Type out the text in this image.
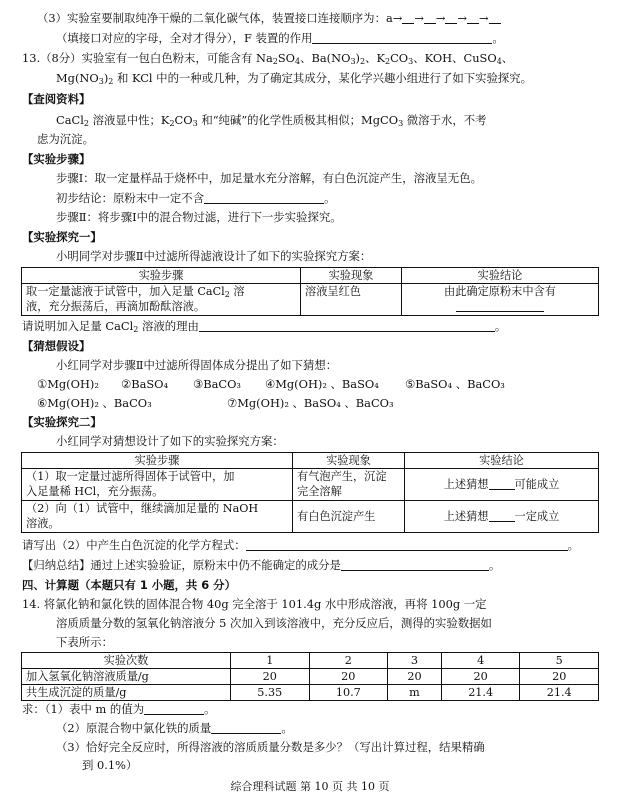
（3）实验室要制取纯净干燥的二氧化碳气体，装置接口连接顺序为：a→ → → → →
（填接口对应的字母，全对才得分），F 装置的作用	。
13.（8分）实验室有一包白色粉末，可能含有 $Na_2SO_4$、$Ba(NO_3)_2$、$K_2CO_3$、KOH、CuSO$_4$、
$Mg(NO_3)_2$ 和 KCl 中的一种或几种，为了确定其成分，某化学兴趣小组进行了如下实验探究。
【查阅资料】
CaCl$_2$ 溶液显中性；$K_2CO_3$ 和“纯碱”的化学性质极其相似；MgCO$_3$ 微溶于水，不考
虑为沉淀。
【实验步骤】
步骤Ⅰ：取一定量样品于烧杯中，加足量水充分溶解，有白色沉淀产生，溶液呈无色。
初步结论：原粉末中一定不含	。
步骤Ⅱ：将步骤Ⅰ中的混合物过滤，进行下一步实验探究。
【实验探究一】
小明同学对步骤Ⅱ中过滤所得滤液设计了如下的实验探究方案：
实验步骤	实验现象	实验结论
取一定量滤液于试管中，加入足量 CaCl$_2$ 溶
液，充分振荡后，再滴加酚酞溶液。	溶液呈红色	由此确定原粉末中含有

请说明加入足量 CaCl$_2$ 溶液的理由	。
【猜想假设】
小红同学对步骤Ⅱ中过滤所得固体成分提出了如下猜想：
①Mg(OH)₂ ②BaSO₄ ③BaCO₃ ④Mg(OH)₂ 、BaSO₄ ⑤BaSO₄ 、BaCO₃
⑥Mg(OH)₂ 、BaCO₃	⑦Mg(OH)₂ 、BaSO₄ 、BaCO₃
【实验探究二】
小红同学对猜想设计了如下的实验探究方案：
实验步骤	实验现象	实验结论
（1）取一定量过滤所得固体于试管中，加
入足量稀 HCl，充分振荡。	有气泡产生，沉淀
完全溶解	上述猜想 可能成立
（2）向（1）试管中，继续滴加足量的 NaOH
溶液。	有白色沉淀产生	上述猜想 一定成立
请写出（2）中产生白色沉淀的化学方程式：	。
【归纳总结】通过上述实验验证，原粉末中仍不能确定的成分是	。
四、计算题（本题只有 1 小题，共 6 分）
14. 将氯化钠和氯化铁的固体混合物 40g 完全溶于 101.4g 水中形成溶液，再将 100g 一定
溶质质量分数的氢氧化钠溶液分 5 次加入到该溶液中，充分反应后，测得的实验数据如
下表所示：
实验次数	1	2	3	4	5
加入氢氧化钠溶液质量/g	20	20	20	20	20
共生成沉淀的质量/g	5.35	10.7	m	21.4	21.4
求：（1）表中 m 的值为	。
（2）原混合物中氯化铁的质量	。
（3）恰好完全反应时，所得溶液的溶质质量分数是多少？（写出计算过程，结果精确
到 0.1%）
综合理科试题 第 10 页 共 10 页
